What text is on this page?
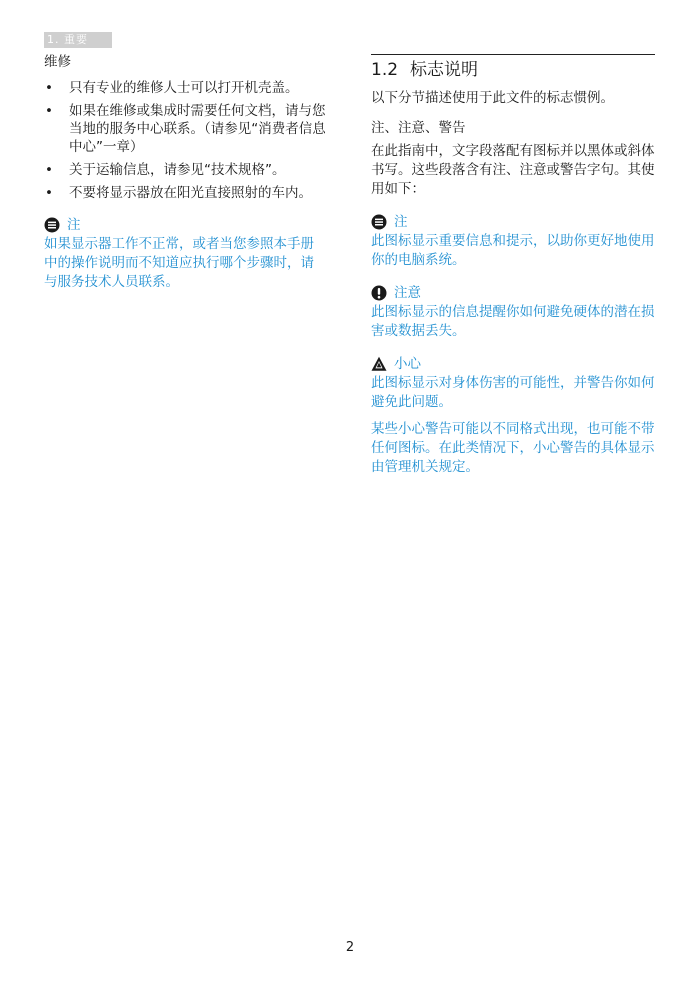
1. 重要
维修
• 只有专业的维修人士可以打开机壳盖。
• 如果在维修或集成时需要任何文档，请与您当地的服务中心联系。（请参见“消费者信息中心”一章）
• 关于运输信息，请参见“技术规格”。
• 不要将显示器放在阳光直接照射的车内。
注

如果显示器工作不正常，或者当您参照本手册中的操作说明而不知道应执行哪个步骤时，请与服务技术人员联系。

1.2 标志说明

以下分节描述使用于此文件的标志惯例。

注、注意、警告

在此指南中，文字段落配有图标并以黑体或斜体书写。这些段落含有注、注意或警告字句。其使用如下：

注

此图标显示重要信息和提示，以助你更好地使用你的电脑系统。

注意

此图标显示的信息提醒你如何避免硬体的潜在损害或数据丢失。

小心

此图标显示对身体伤害的可能性，并警告你如何避免此问题。

某些小心警告可能以不同格式出现，也可能不带任何图标。在此类情况下，小心警告的具体显示由管理机关规定。

2
